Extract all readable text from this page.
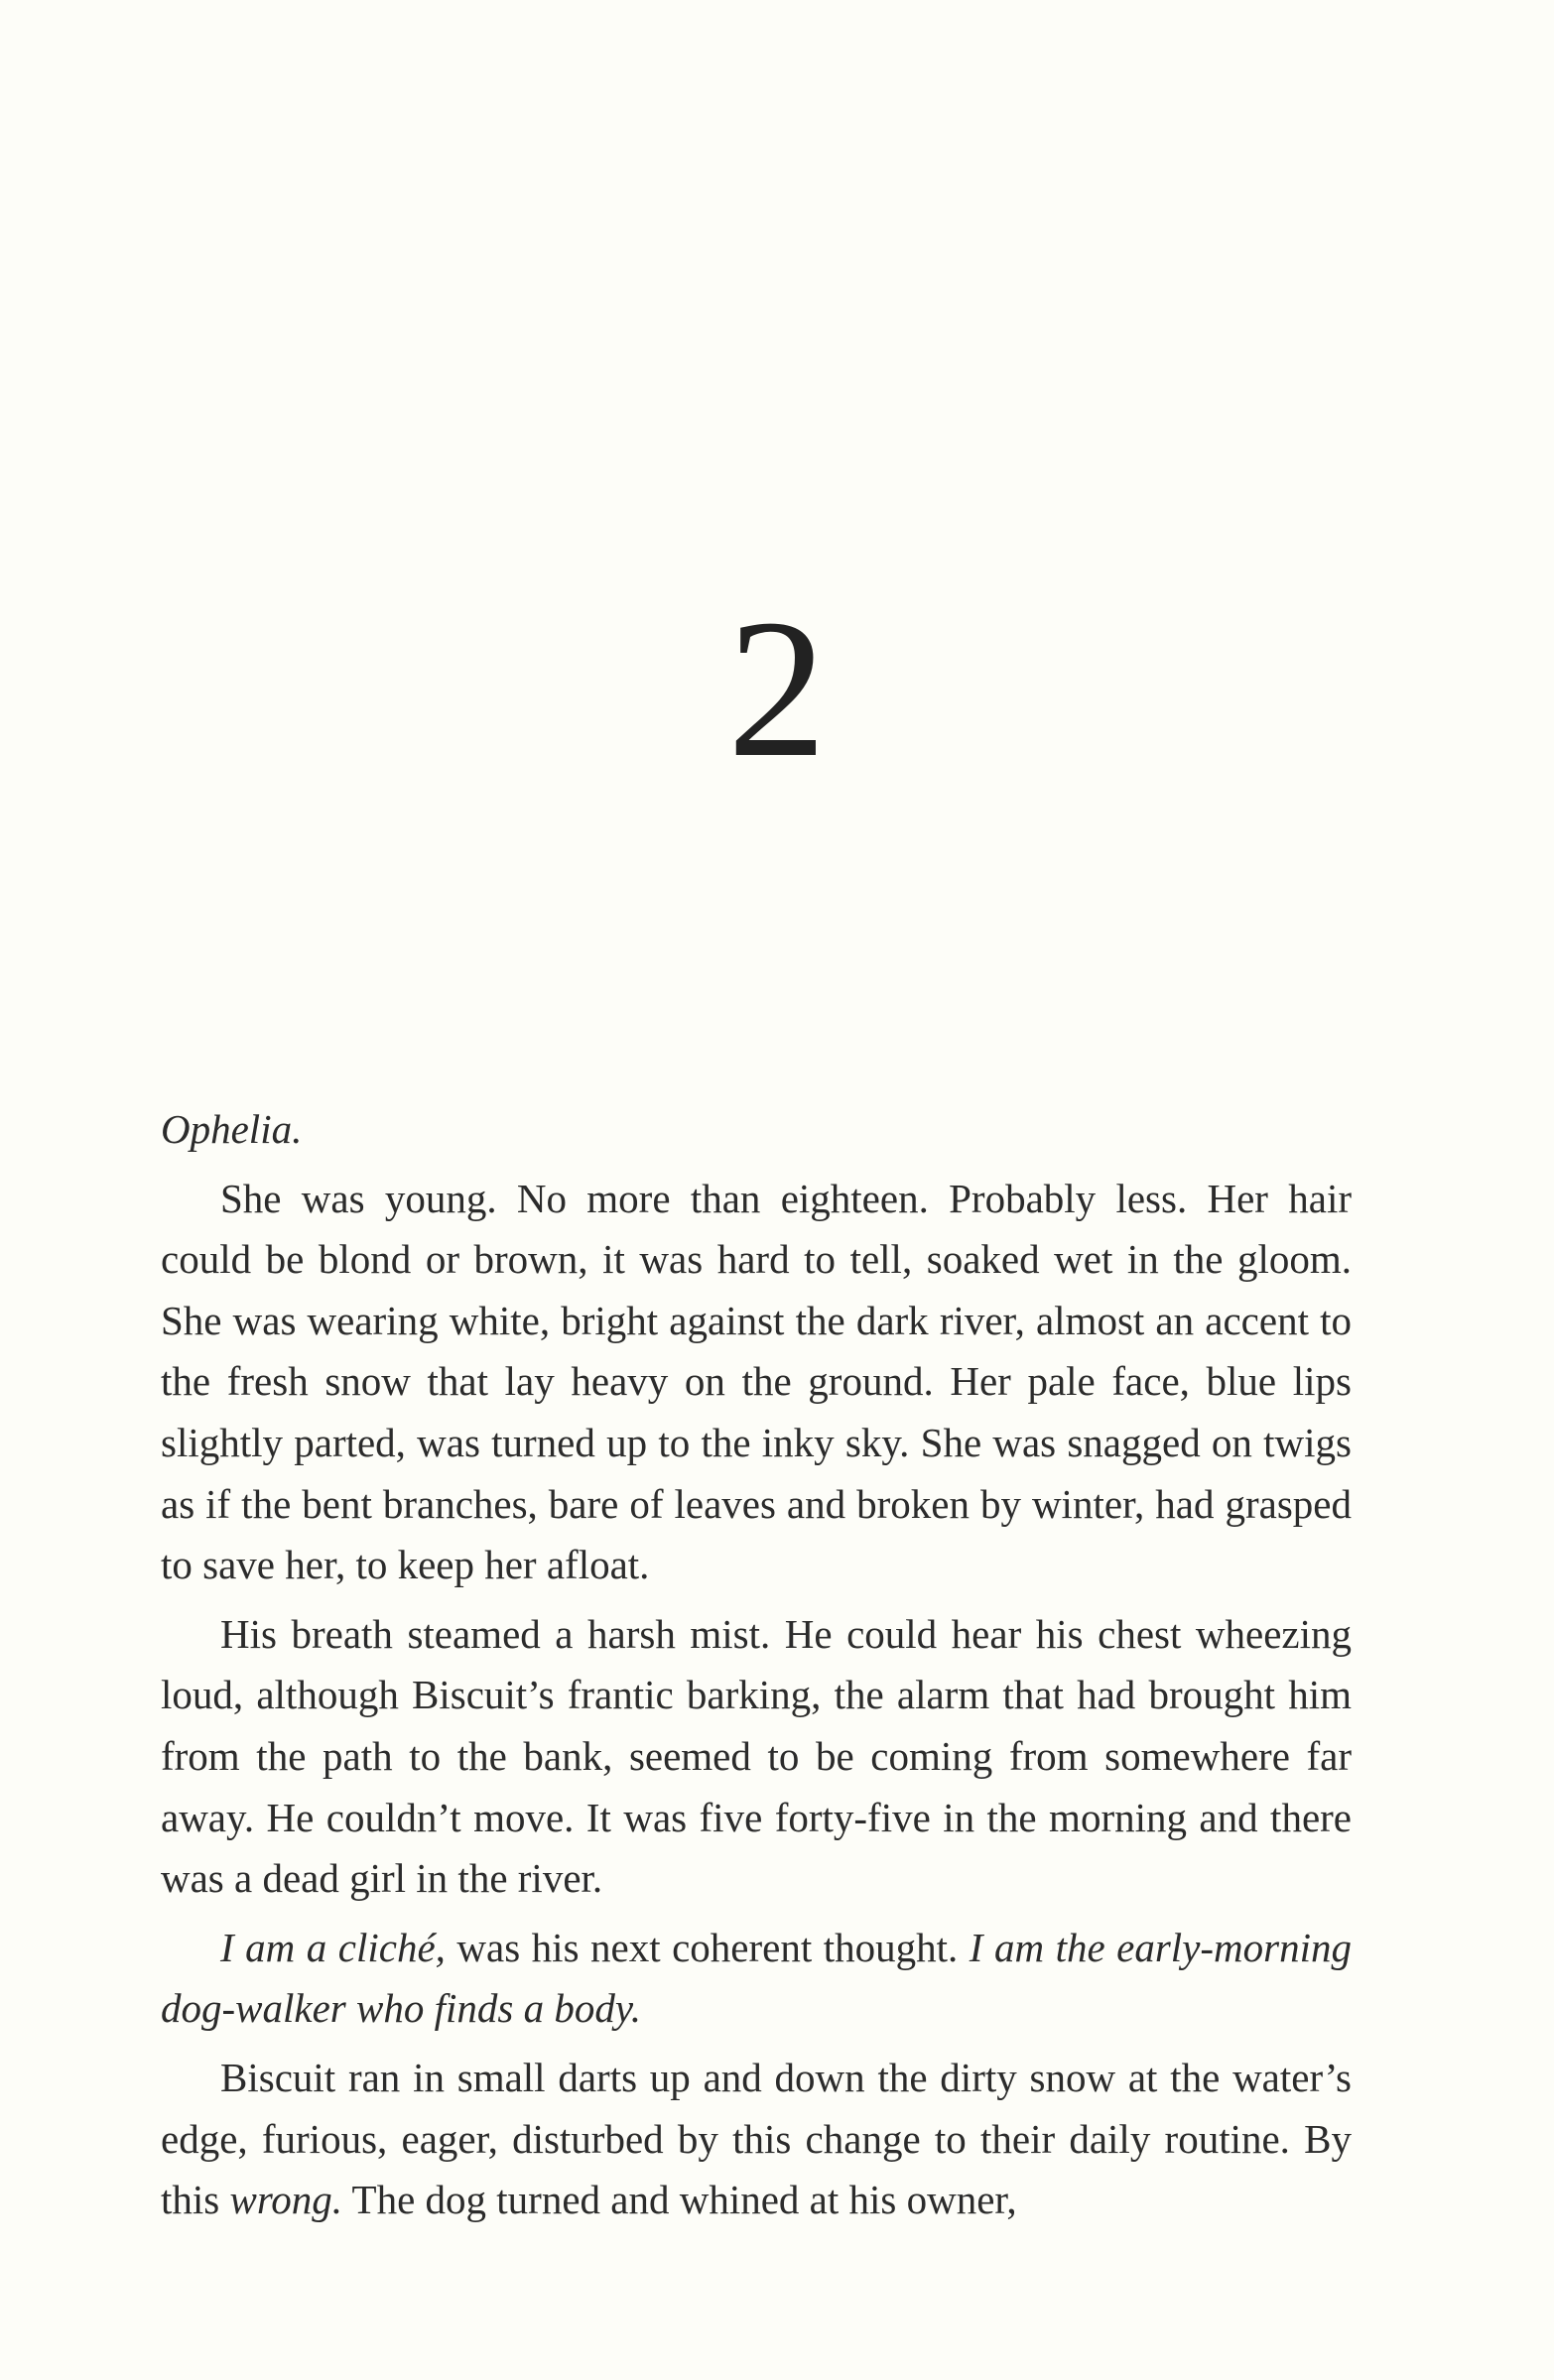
2

Ophelia.

She was young. No more than eighteen. Probably less. Her hair could be blond or brown, it was hard to tell, soaked wet in the gloom. She was wearing white, bright against the dark river, almost an accent to the fresh snow that lay heavy on the ground. Her pale face, blue lips slightly parted, was turned up to the inky sky. She was snagged on twigs as if the bent branches, bare of leaves and broken by winter, had grasped to save her, to keep her afloat.

His breath steamed a harsh mist. He could hear his chest wheezing loud, although Biscuit’s frantic barking, the alarm that had brought him from the path to the bank, seemed to be coming from somewhere far away. He couldn’t move. It was five forty-five in the morning and there was a dead girl in the river.

I am a cliché, was his next coherent thought. I am the early-morning dog-walker who finds a body.

Biscuit ran in small darts up and down the dirty snow at the water’s edge, furious, eager, disturbed by this change to their daily routine. By this wrong. The dog turned and whined at his owner,
